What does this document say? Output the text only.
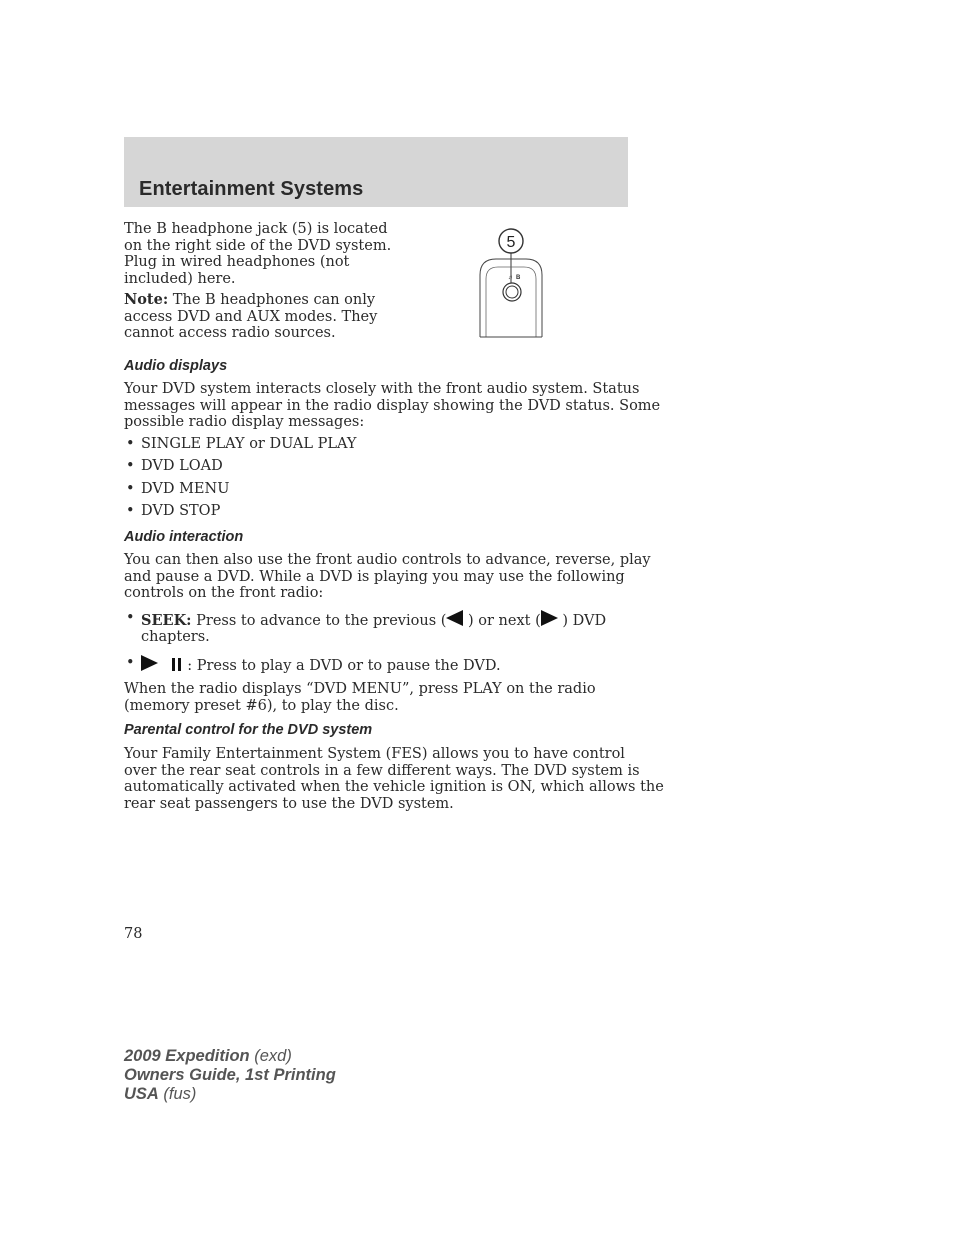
Entertainment Systems
The B headphone jack (5) is located
on the right side of the DVD system.
Plug in wired headphones (not
included) here.
Note: The B headphones can only
access DVD and AUX modes. They
cannot access radio sources.
5
♫ B
Audio displays
Your DVD system interacts closely with the front audio system. Status
messages will appear in the radio display showing the DVD status. Some
possible radio display messages:
• SINGLE PLAY or DUAL PLAY
• DVD LOAD
• DVD MENU
• DVD STOP
Audio interaction
You can then also use the front audio controls to advance, reverse, play
and pause a DVD. While a DVD is playing you may use the following
controls on the front radio:
• SEEK: Press to advance to the previous ( ) or next ( ) DVD
chapters.
•	: Press to play a DVD or to pause the DVD.
When the radio displays “DVD MENU”, press PLAY on the radio
(memory preset #6), to play the disc.
Parental control for the DVD system
Your Family Entertainment System (FES) allows you to have control
over the rear seat controls in a few different ways. The DVD system is
automatically activated when the vehicle ignition is ON, which allows the
rear seat passengers to use the DVD system.
78
2009 Expedition (exd)
Owners Guide, 1st Printing
USA (fus)
